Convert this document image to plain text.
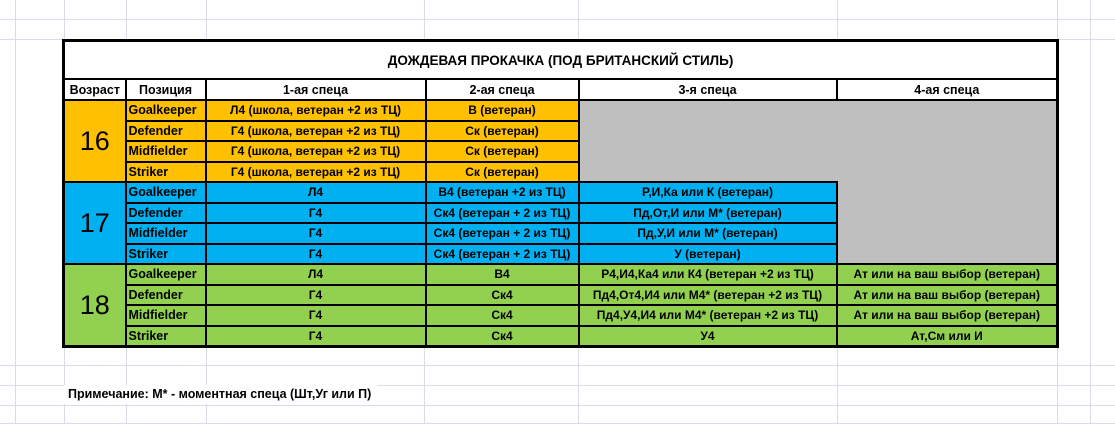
ДОЖДЕВАЯ ПРОКАЧКА (ПОД БРИТАНСКИЙ СТИЛЬ)					
Возраст	Позиция	1-ая спеца	2-ая спеца	3-я спеца	4-ая спеца
16	Goalkeeper	Л4 (школа, ветеран +2 из ТЦ)	В (ветеран)		
	Defender	Г4 (школа, ветеран +2 из ТЦ)	Ск (ветеран)		
	Midfielder	Г4 (школа, ветеран +2 из ТЦ)	Ск (ветеран)		
	Striker	Г4 (школа, ветеран +2 из ТЦ)	Ск (ветеран)		
17	Goalkeeper	Л4	В4 (ветеран +2 из ТЦ)	Р,И,Ка или К (ветеран)	
	Defender	Г4	Ск4 (ветеран + 2 из ТЦ)	Пд,От,И или М* (ветеран)	
	Midfielder	Г4	Ск4 (ветеран + 2 из ТЦ)	Пд,У,И или М* (ветеран)	
	Striker	Г4	Ск4 (ветеран + 2 из ТЦ)	У (ветеран)	
18	Goalkeeper	Л4	В4	Р4,И4,Ка4 или К4 (ветеран +2 из ТЦ)	Ат или на ваш выбор (ветеран)
	Defender	Г4	Ск4	Пд4,От4,И4 или М4* (ветеран +2 из ТЦ)	Ат или на ваш выбор (ветеран)
	Midfielder	Г4	Ск4	Пд4,У4,И4 или М4* (ветеран +2 из ТЦ)	Ат или на ваш выбор (ветеран)
	Striker	Г4	Ск4	У4	Ат,См или И
Примечание: М* - моментная спеца (Шт,Уг или П)
